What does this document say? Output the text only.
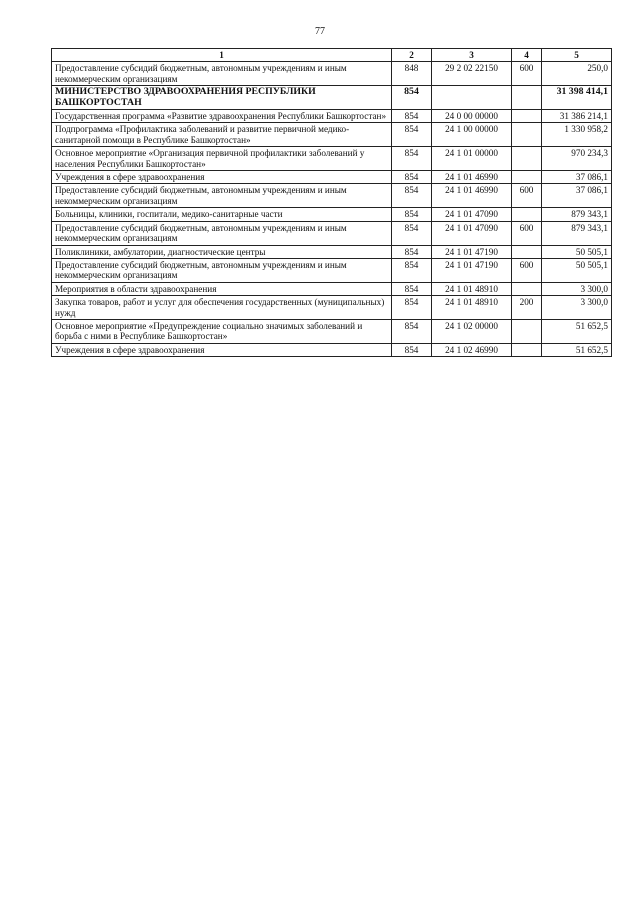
77
1	2	3	4	5
Предоставление субсидий бюджетным, автономным учреждениям и иным некоммерческим организациям	848	29 2 02 22150	600	250,0
МИНИСТЕРСТВО ЗДРАВООХРАНЕНИЯ РЕСПУБЛИКИ БАШКОРТОСТАН	854			31 398 414,1
Государственная программа «Развитие здравоохранения Республики Башкортостан»	854	24 0 00 00000		31 386 214,1
Подпрограмма «Профилактика заболеваний и развитие первичной медико-санитарной помощи в Республике Башкортостан»	854	24 1 00 00000		1 330 958,2
Основное мероприятие «Организация первичной профилактики заболеваний у населения Республики Башкортостан»	854	24 1 01 00000		970 234,3
Учреждения в сфере здравоохранения	854	24 1 01 46990		37 086,1
Предоставление субсидий бюджетным, автономным учреждениям и иным некоммерческим организациям	854	24 1 01 46990	600	37 086,1
Больницы, клиники, госпитали, медико-санитарные части	854	24 1 01 47090		879 343,1
Предоставление субсидий бюджетным, автономным учреждениям и иным некоммерческим организациям	854	24 1 01 47090	600	879 343,1
Поликлиники, амбулатории, диагностические центры	854	24 1 01 47190		50 505,1
Предоставление субсидий бюджетным, автономным учреждениям и иным некоммерческим организациям	854	24 1 01 47190	600	50 505,1
Мероприятия в области здравоохранения	854	24 1 01 48910		3 300,0
Закупка товаров, работ и услуг для обеспечения государственных (муниципальных) нужд	854	24 1 01 48910	200	3 300,0
Основное мероприятие «Предупреждение социально значимых заболеваний и борьба с ними в Республике Башкортостан»	854	24 1 02 00000		51 652,5
Учреждения в сфере здравоохранения	854	24 1 02 46990		51 652,5
